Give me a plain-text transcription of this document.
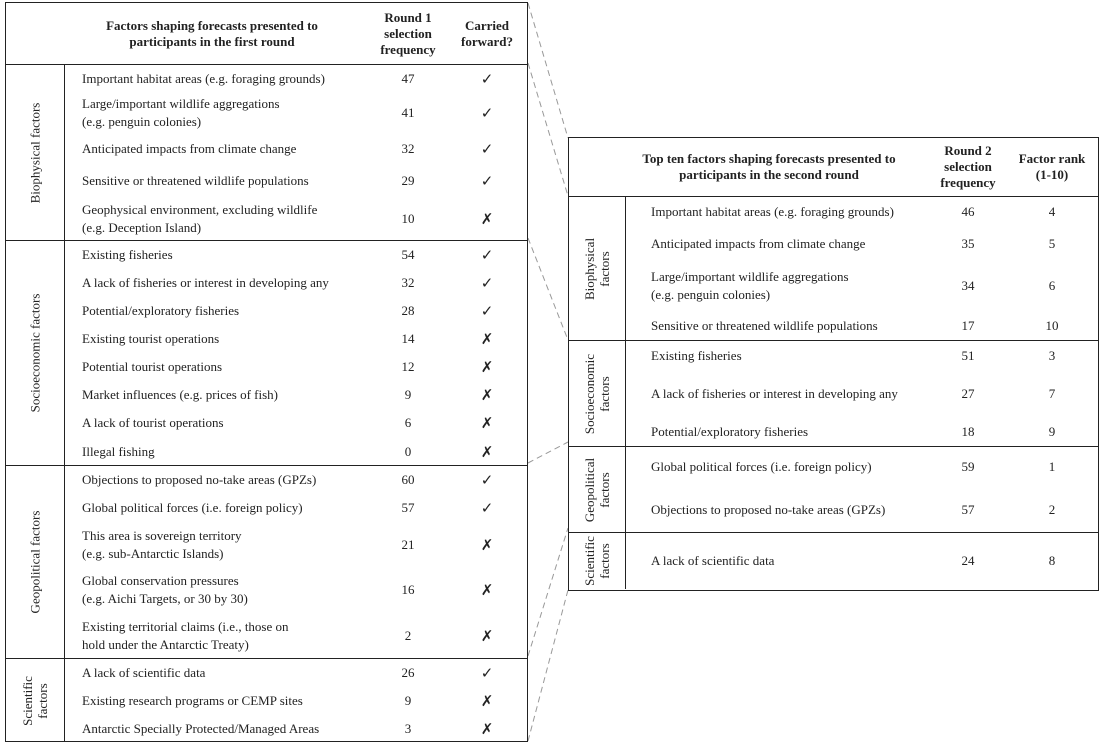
Factors shaping forecasts presented to participants in the first round
Round 1 selection frequency
Carried forward?
Biophysical factors
Important habitat areas (e.g. foraging grounds)	47	✓
Large/important wildlife aggregations
(e.g. penguin colonies)
41	✓
Anticipated impacts from climate change	32	✓
Sensitive or threatened wildlife populations	29	✓
Geophysical environment, excluding wildlife
(e.g. Deception Island)
10	✗
Socioeconomic factors
Existing fisheries	54	✓
A lack of fisheries or interest in developing any	32	✓
Potential/exploratory fisheries	28	✓
Existing tourist operations	14	✗
Potential tourist operations	12	✗
Market influences (e.g. prices of fish)	9	✗
A lack of tourist operations	6	✗
Illegal fishing	0	✗
Geopolitical factors
Objections to proposed no-take areas (GPZs)	60	✓
Global political forces (i.e. foreign policy)	57	✓
This area is sovereign territory
(e.g. sub-Antarctic Islands)
21	✗
Global conservation pressures
(e.g. Aichi Targets, or 30 by 30)
16	✗
Existing territorial claims (i.e., those on
hold under the Antarctic Treaty)
2	✗
Scientific
factors
A lack of scientific data	26	✓
Existing research programs or CEMP sites	9	✗
Antarctic Specially Protected/Managed Areas	3	✗
Top ten factors shaping forecasts presented to participants in the second round
Round 2 selection frequency
Factor rank (1-10)
Biophysical
factors
Important habitat areas (e.g. foraging grounds)	46	4
Anticipated impacts from climate change	35	5
Large/important wildlife aggregations
(e.g. penguin colonies)
34	6
Sensitive or threatened wildlife populations	17	10
Socioeconomic
factors
Existing fisheries	51	3
A lack of fisheries or interest in developing any	27	7
Potential/exploratory fisheries	18	9
Geopolitical
factors
Global political forces (i.e. foreign policy)	59	1
Objections to proposed no-take areas (GPZs)	57	2
Scientific
factors	A lack of scientific data	24	8
